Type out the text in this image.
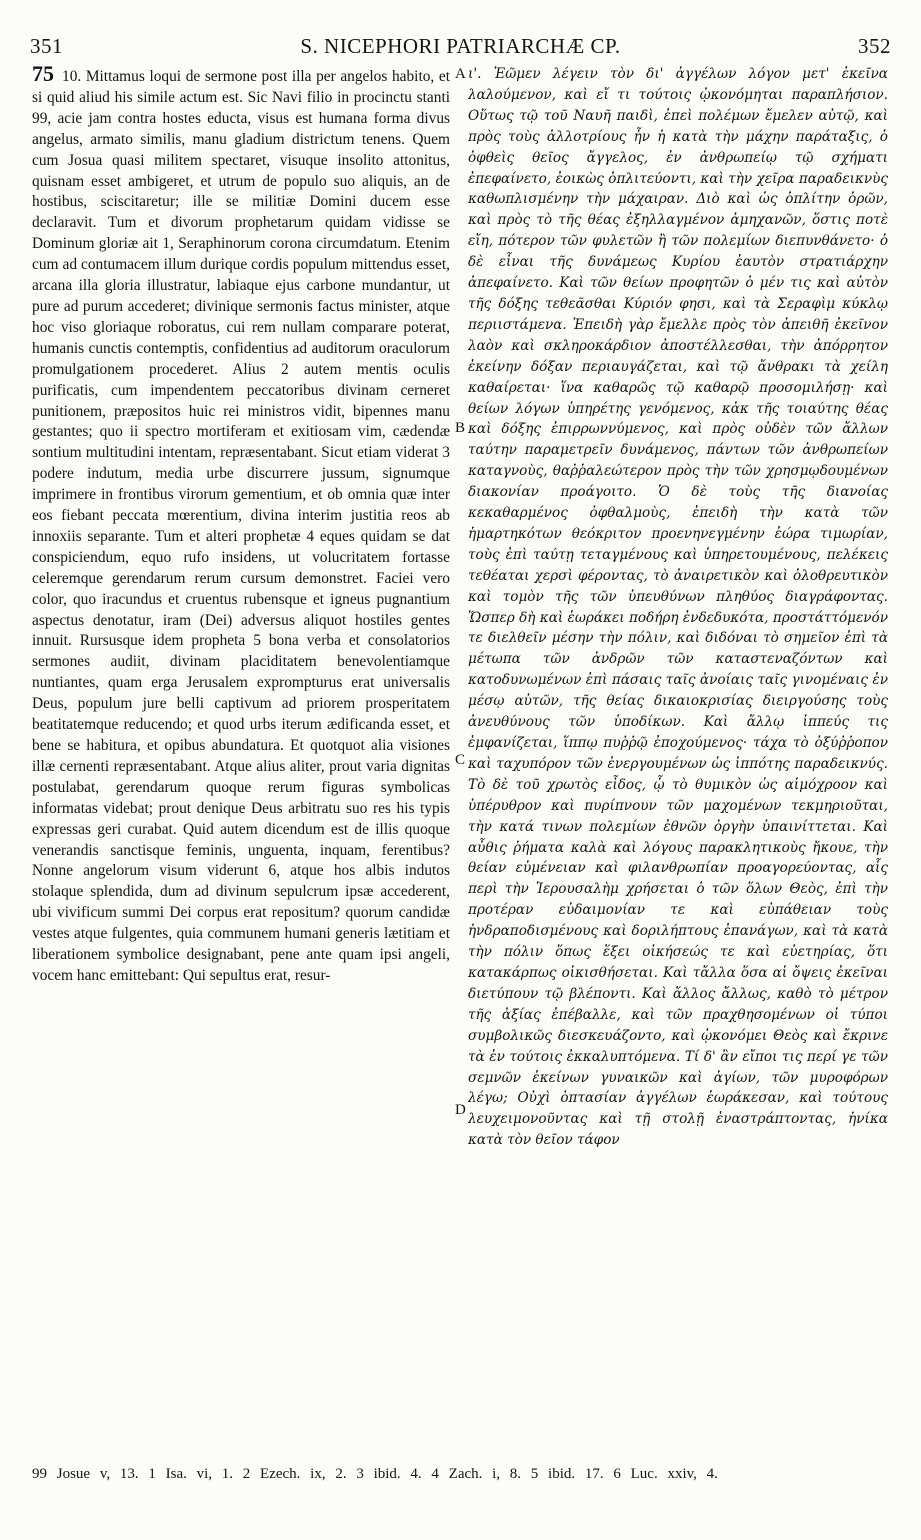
351	S. NICEPHORI PATRIARCHÆ CP.	352

75 10. Mittamus loqui de sermone post illa per angelos habito, et si quid aliud his simile actum est. Sic Navi filio in procinctu stanti 99, acie jam contra hostes educta, visus est humana forma divus angelus, armato similis, manu gladium districtum tenens. Quem cum Josua quasi militem spectaret, visuque insolito attonitus, quisnam esset ambigeret, et utrum de populo suo aliquis, an de hostibus, sciscitaretur; ille se militiæ Domini ducem esse declaravit. Tum et divorum prophetarum quidam vidisse se Dominum gloriæ ait 1, Seraphinorum corona circumdatum. Etenim cum ad contumacem illum durique cordis populum mittendus esset, arcana illa gloria illustratur, labiaque ejus carbone mundantur, ut pure ad purum accederet; divinique sermonis factus minister, atque hoc viso gloriaque roboratus, cui rem nullam comparare poterat, humanis cunctis contemptis, confidentius ad auditorum oraculorum promulgationem procederet. Alius 2 autem mentis oculis purificatis, cum impendentem peccatoribus divinam cerneret punitionem, præpositos huic rei ministros vidit, bipennes manu gestantes; quo ii spectro mortiferam et exitiosam vim, cædendæ sontium multitudini intentam, repræsentabant. Sicut etiam viderat 3 podere indutum, media urbe discurrere jussum, signumque imprimere in frontibus virorum gementium, et ob omnia quæ inter eos fiebant peccata mœrentium, divina interim justitia reos ab innoxiis separante. Tum et alteri prophetæ 4 eques quidam se dat conspiciendum, equo rufo insidens, ut volucritatem fortasse celeremque gerendarum rerum cursum demonstret. Faciei vero color, quo iracundus et cruentus rubensque et igneus pugnantium aspectus denotatur, iram (Dei) adversus aliquot hostiles gentes innuit. Rursusque idem propheta 5 bona verba et consolatorios sermones audiit, divinam placiditatem benevolentiamque nuntiantes, quam erga Jerusalem exprompturus erat universalis Deus, populum jure belli captivum ad priorem prosperitatem beatitatemque reducendo; et quod urbs iterum ædificanda esset, et bene se habitura, et opibus abundatura. Et quotquot alia visiones illæ cernenti repræsentabant. Atque alius aliter, prout varia dignitas postulabat, gerendarum quoque rerum figuras symbolicas informatas videbat; prout denique Deus arbitratu suo res his typis expressas geri curabat. Quid autem dicendum est de illis quoque venerandis sanctisque feminis, unguenta, inquam, ferentibus? Nonne angelorum visum viderunt 6, atque hos albis indutos stolaque splendida, dum ad divinum sepulcrum ipsæ accederent, ubi vivificum summi Dei corpus erat repositum? quorum candidæ vestes atque fulgentes, quia communem humani generis lætitiam et liberationem symbolice designabant, pene ante quam ipsi angeli, vocem hanc emittebant: Qui sepultus erat, resur-

ι'. Ἐῶμεν λέγειν τὸν δι' ἀγγέλων λόγον μετ' ἐκεῖνα λαλούμενον, καὶ εἴ τι τούτοις ᾠκονόμηται παραπλήσιον. Οὕτως τῷ τοῦ Ναυῆ παιδὶ, ἐπεὶ πολέμων ἔμελεν αὐτῷ, καὶ πρὸς τοὺς ἀλλοτρίους ἦν ἡ κατὰ τὴν μάχην παράταξις, ὁ ὀφθεὶς θεῖος ἄγγελος, ἐν ἀνθρωπείῳ τῷ σχήματι ἐπεφαίνετο, ἐοικὼς ὁπλιτεύοντι, καὶ τὴν χεῖρα παραδεικνὺς καθωπλισμένην τὴν μάχαιραν. Διὸ καὶ ὡς ὁπλίτην ὁρῶν, καὶ πρὸς τὸ τῆς θέας ἐξηλλαγμένον ἀμηχανῶν, ὅστις ποτὲ εἴη, πότερον τῶν φυλετῶν ἢ τῶν πολεμίων διεπυνθάνετο· ὁ δὲ εἶναι τῆς δυνάμεως Κυρίου ἑαυτὸν στρατιάρχην ἀπεφαίνετο. Καὶ τῶν θείων προφητῶν ὁ μέν τις καὶ αὐτὸν τῆς δόξης τεθεᾶσθαι Κύριόν φησι, καὶ τὰ Σεραφὶμ κύκλῳ περιιστάμενα. Ἐπειδὴ γὰρ ἔμελλε πρὸς τὸν ἀπειθῆ ἐκεῖνον λαὸν καὶ σκληροκάρδιον ἀποστέλλεσθαι, τὴν ἀπόρρητον ἐκείνην δόξαν περιαυγάζεται, καὶ τῷ ἄνθρακι τὰ χείλη καθαίρεται· ἵνα καθαρῶς τῷ καθαρῷ προσομιλήσῃ· καὶ θείων λόγων ὑπηρέτης γενόμενος, κἀκ τῆς τοιαύτης θέας καὶ δόξης ἐπιρρωννύμενος, καὶ πρὸς οὐδὲν τῶν ἄλλων ταύτην παραμετρεῖν δυνάμενος, πάντων τῶν ἀνθρωπείων καταγνοὺς, θαῤῥαλεώτερον πρὸς τὴν τῶν χρησμῳδουμένων διακονίαν προάγοιτο. Ὁ δὲ τοὺς τῆς διανοίας κεκαθαρμένος ὀφθαλμοὺς, ἐπειδὴ τὴν κατὰ τῶν ἡμαρτηκότων θεόκριτον προενηνεγμένην ἑώρα τιμωρίαν, τοὺς ἐπὶ ταύτῃ τεταγμένους καὶ ὑπηρετουμένους, πελέκεις τεθέαται χερσὶ φέροντας, τὸ ἀναιρετικὸν καὶ ὀλοθρευτικὸν καὶ τομὸν τῆς τῶν ὑπευθύνων πληθύος διαγράφοντας. Ὥσπερ δὴ καὶ ἑωράκει ποδήρη ἐνδεδυκότα, προστάττόμενόν τε διελθεῖν μέσην τὴν πόλιν, καὶ διδόναι τὸ σημεῖον ἐπὶ τὰ μέτωπα τῶν ἀνδρῶν τῶν καταστεναζόντων καὶ κατοδυνωμένων ἐπὶ πάσαις ταῖς ἀνοίαις ταῖς γινομέναις ἐν μέσῳ αὐτῶν, τῆς θείας δικαιοκρισίας διειργούσης τοὺς ἀνευθύνους τῶν ὑποδίκων. Καὶ ἄλλῳ ἱππεύς τις ἐμφανίζεται, ἵππῳ πυῤῥῷ ἐποχούμενος· τάχα τὸ ὀξύῤῥοπον καὶ ταχυπόρον τῶν ἐνεργουμένων ὡς ἱππότης παραδεικνύς. Τὸ δὲ τοῦ χρωτὸς εἶδος, ᾧ τὸ θυμικὸν ὡς αἱμόχροον καὶ ὑπέρυθρον καὶ πυρίπνουν τῶν μαχομένων τεκμηριοῦται, τὴν κατά τινων πολεμίων ἐθνῶν ὀργὴν ὑπαινίττεται. Καὶ αὖθις ῥήματα καλὰ καὶ λόγους παρακλητικοὺς ἤκουε, τὴν θείαν εὐμένειαν καὶ φιλανθρωπίαν προαγορεύοντας, αἷς περὶ τὴν Ἱερουσαλὴμ χρήσεται ὁ τῶν ὅλων Θεὸς, ἐπὶ τὴν προτέραν εὐδαιμονίαν τε καὶ εὐπάθειαν τοὺς ἠνδραποδισμένους καὶ δοριλήπτους ἐπανάγων, καὶ τὰ κατὰ τὴν πόλιν ὅπως ἕξει οἰκήσεώς τε καὶ εὐετηρίας, ὅτι κατακάρπως οἰκισθήσεται. Καὶ τἄλλα ὅσα αἱ ὄψεις ἐκεῖναι διετύπουν τῷ βλέποντι. Καὶ ἄλλος ἄλλως, καθὸ τὸ μέτρον τῆς ἀξίας ἐπέβαλλε, καὶ τῶν πραχθησομένων οἱ τύποι συμβολικῶς διεσκευάζοντο, καὶ ᾠκονόμει Θεὸς καὶ ἔκρινε τὰ ἐν τούτοις ἐκκαλυπτόμενα. Τί δ' ἂν εἴποι τις περί γε τῶν σεμνῶν ἐκείνων γυναικῶν καὶ ἁγίων, τῶν μυροφόρων λέγω; Οὐχὶ ὀπτασίαν ἀγγέλων ἑωράκεσαν, καὶ τούτους λευχειμονοῦντας καὶ τῇ στολῇ ἐναστράπτοντας, ἡνίκα κατὰ τὸν θεῖον τάφον

A
B
C
D
99 Josue v, 13. 1 Isa. vi, 1. 2 Ezech. ix, 2. 3 ibid. 4. 4 Zach. i, 8. 5 ibid. 17. 6 Luc. xxiv, 4.
